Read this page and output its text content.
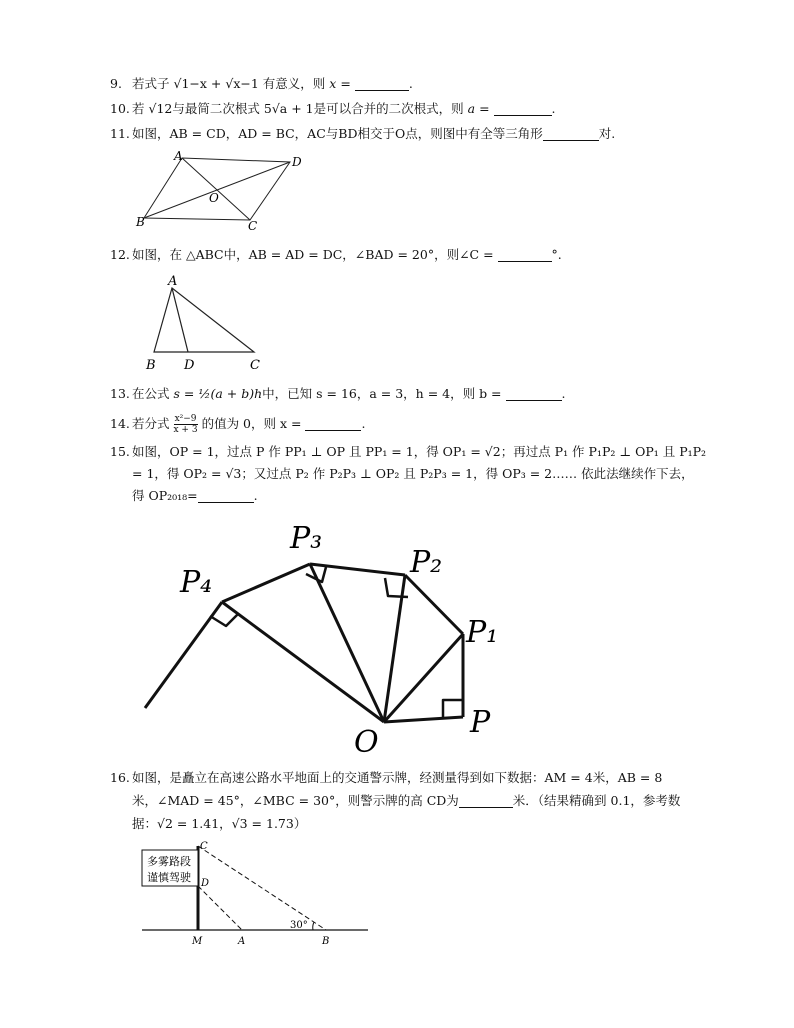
9. 若式子 √1−x + √x−1 有意义，则 x =	.
10. 若 √12与最简二次根式 5√a + 1是可以合并的二次根式，则 a =	.
11. 如图，AB = CD，AD = BC，AC与BD相交于O点，则图中有全等三角形	对.
A	D
B	C
O
12. 如图，在 △ABC中，AB = AD = DC，∠BAD = 20°，则∠C =	°.
A
B D	C
13. 在公式 s = ½(a + b)h中，已知 s = 16，a = 3，h = 4，则 b =	.
14. 若分式 $\frac{\text{x²−9}}{x + 3}$ 的值为 0，则 x =	.
15. 如图，OP = 1，过点 P 作 PP₁ ⊥ OP 且 PP₁ = 1，得 OP₁ = √2；再过点 P₁ 作 P₁P₂ ⊥ OP₁ 且 P₁P₂
= 1，得 OP₂ = √3；又过点 P₂ 作 P₂P₃ ⊥ OP₂ 且 P₂P₃ = 1，得 OP₃ = 2…… 依此法继续作下去，
得 OP₂₀₁₈=	.
P
P₁
P₂
P₃
P₄
O
16. 如图，是矗立在高速公路水平地面上的交通警示牌，经测量得到如下数据：AM = 4米，AB = 8
米，∠MAD = 45°，∠MBC = 30°，则警示牌的高 CD为	米．（结果精确到 0.1，参考数
据：√2 = 1.41，√3 = 1.73）
多雾路段
谨慎驾驶
C
D
M	A	B
30°
